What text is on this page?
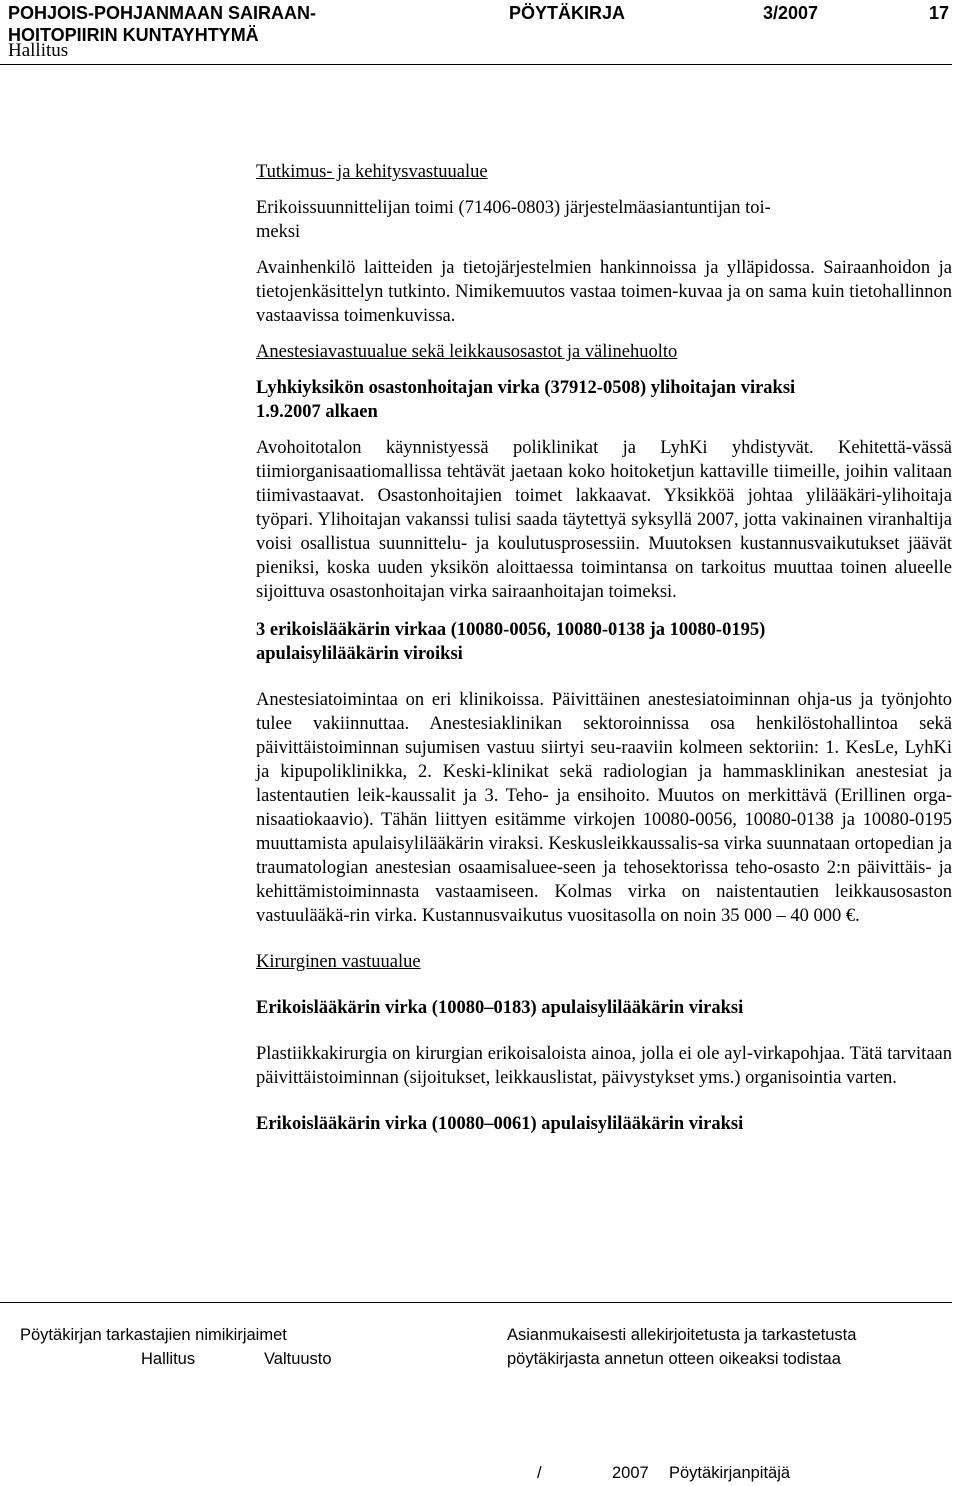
POHJOIS-POHJANMAAN SAIRAAN-
HOITOPIIRIN KUNTAYHTYMÄ
PÖYTÄKIRJA	3/2007	17
Hallitus

Tutkimus- ja kehitysvastuualue

Erikoissuunnittelijan toimi (71406-0803) järjestelmäasiantuntijan toi-
meksi

Avainhenkilö laitteiden ja tietojärjestelmien hankinnoissa ja ylläpidossa. Sairaanhoidon ja tietojenkäsittelyn tutkinto. Nimikemuutos vastaa toimen-kuvaa ja on sama kuin tietohallinnon vastaavissa toimenkuvissa.

Anestesiavastuualue sekä leikkausosastot ja välinehuolto

Lyhkiyksikön osastonhoitajan virka (37912-0508) ylihoitajan viraksi
1.9.2007 alkaen

Avohoitotalon käynnistyessä poliklinikat ja LyhKi yhdistyvät. Kehitettä-vässä tiimiorganisaatiomallissa tehtävät jaetaan koko hoitoketjun kattaville tiimeille, joihin valitaan tiimivastaavat. Osastonhoitajien toimet lakkaavat. Yksikköä johtaa ylilääkäri-ylihoitaja työpari. Ylihoitajan vakanssi tulisi saada täytettyä syksyllä 2007, jotta vakinainen viranhaltija voisi osallistua suunnittelu- ja koulutusprosessiin. Muutoksen kustannusvaikutukset jäävät pieniksi, koska uuden yksikön aloittaessa toimintansa on tarkoitus muuttaa toinen alueelle sijoittuva osastonhoitajan virka sairaanhoitajan toimeksi.

3 erikoislääkärin virkaa (10080-0056, 10080-0138 ja 10080-0195)
apulaisylilääkärin viroiksi

Anestesiatoimintaa on eri klinikoissa. Päivittäinen anestesiatoiminnan ohja-us ja työnjohto tulee vakiinnuttaa. Anestesiaklinikan sektoroinnissa osa henkilöstohallintoa sekä päivittäistoiminnan sujumisen vastuu siirtyi seu-raaviin kolmeen sektoriin: 1. KesLe, LyhKi ja kipupoliklinikka, 2. Keski-klinikat sekä radiologian ja hammasklinikan anestesiat ja lastentautien leik-kaussalit ja 3. Teho- ja ensihoito. Muutos on merkittävä (Erillinen orga-nisaatiokaavio). Tähän liittyen esitämme virkojen 10080-0056, 10080-0138 ja 10080-0195 muuttamista apulaisylilääkärin viraksi. Keskusleikkaussalis-sa virka suunnataan ortopedian ja traumatologian anestesian osaamisaluee-seen ja tehosektorissa teho-osasto 2:n päivittäis- ja kehittämistoiminnasta vastaamiseen. Kolmas virka on naistentautien leikkausosaston vastuulääkä-rin virka. Kustannusvaikutus vuositasolla on noin 35 000 – 40 000 €.

Kirurginen vastuualue

Erikoislääkärin virka (10080–0183) apulaisylilääkärin viraksi

Plastiikkakirurgia on kirurgian erikoisaloista ainoa, jolla ei ole ayl-virkapohjaa. Tätä tarvitaan päivittäistoiminnan (sijoitukset, leikkauslistat, päivystykset yms.) organisointia varten.

Erikoislääkärin virka (10080–0061) apulaisylilääkärin viraksi

Pöytäkirjan tarkastajien nimikirjaimet
Hallitus	Valtuusto
Asianmukaisesti allekirjoitetusta ja tarkastetusta
pöytäkirjasta annetun otteen oikeaksi todistaa
/	2007 Pöytäkirjanpitäjä
